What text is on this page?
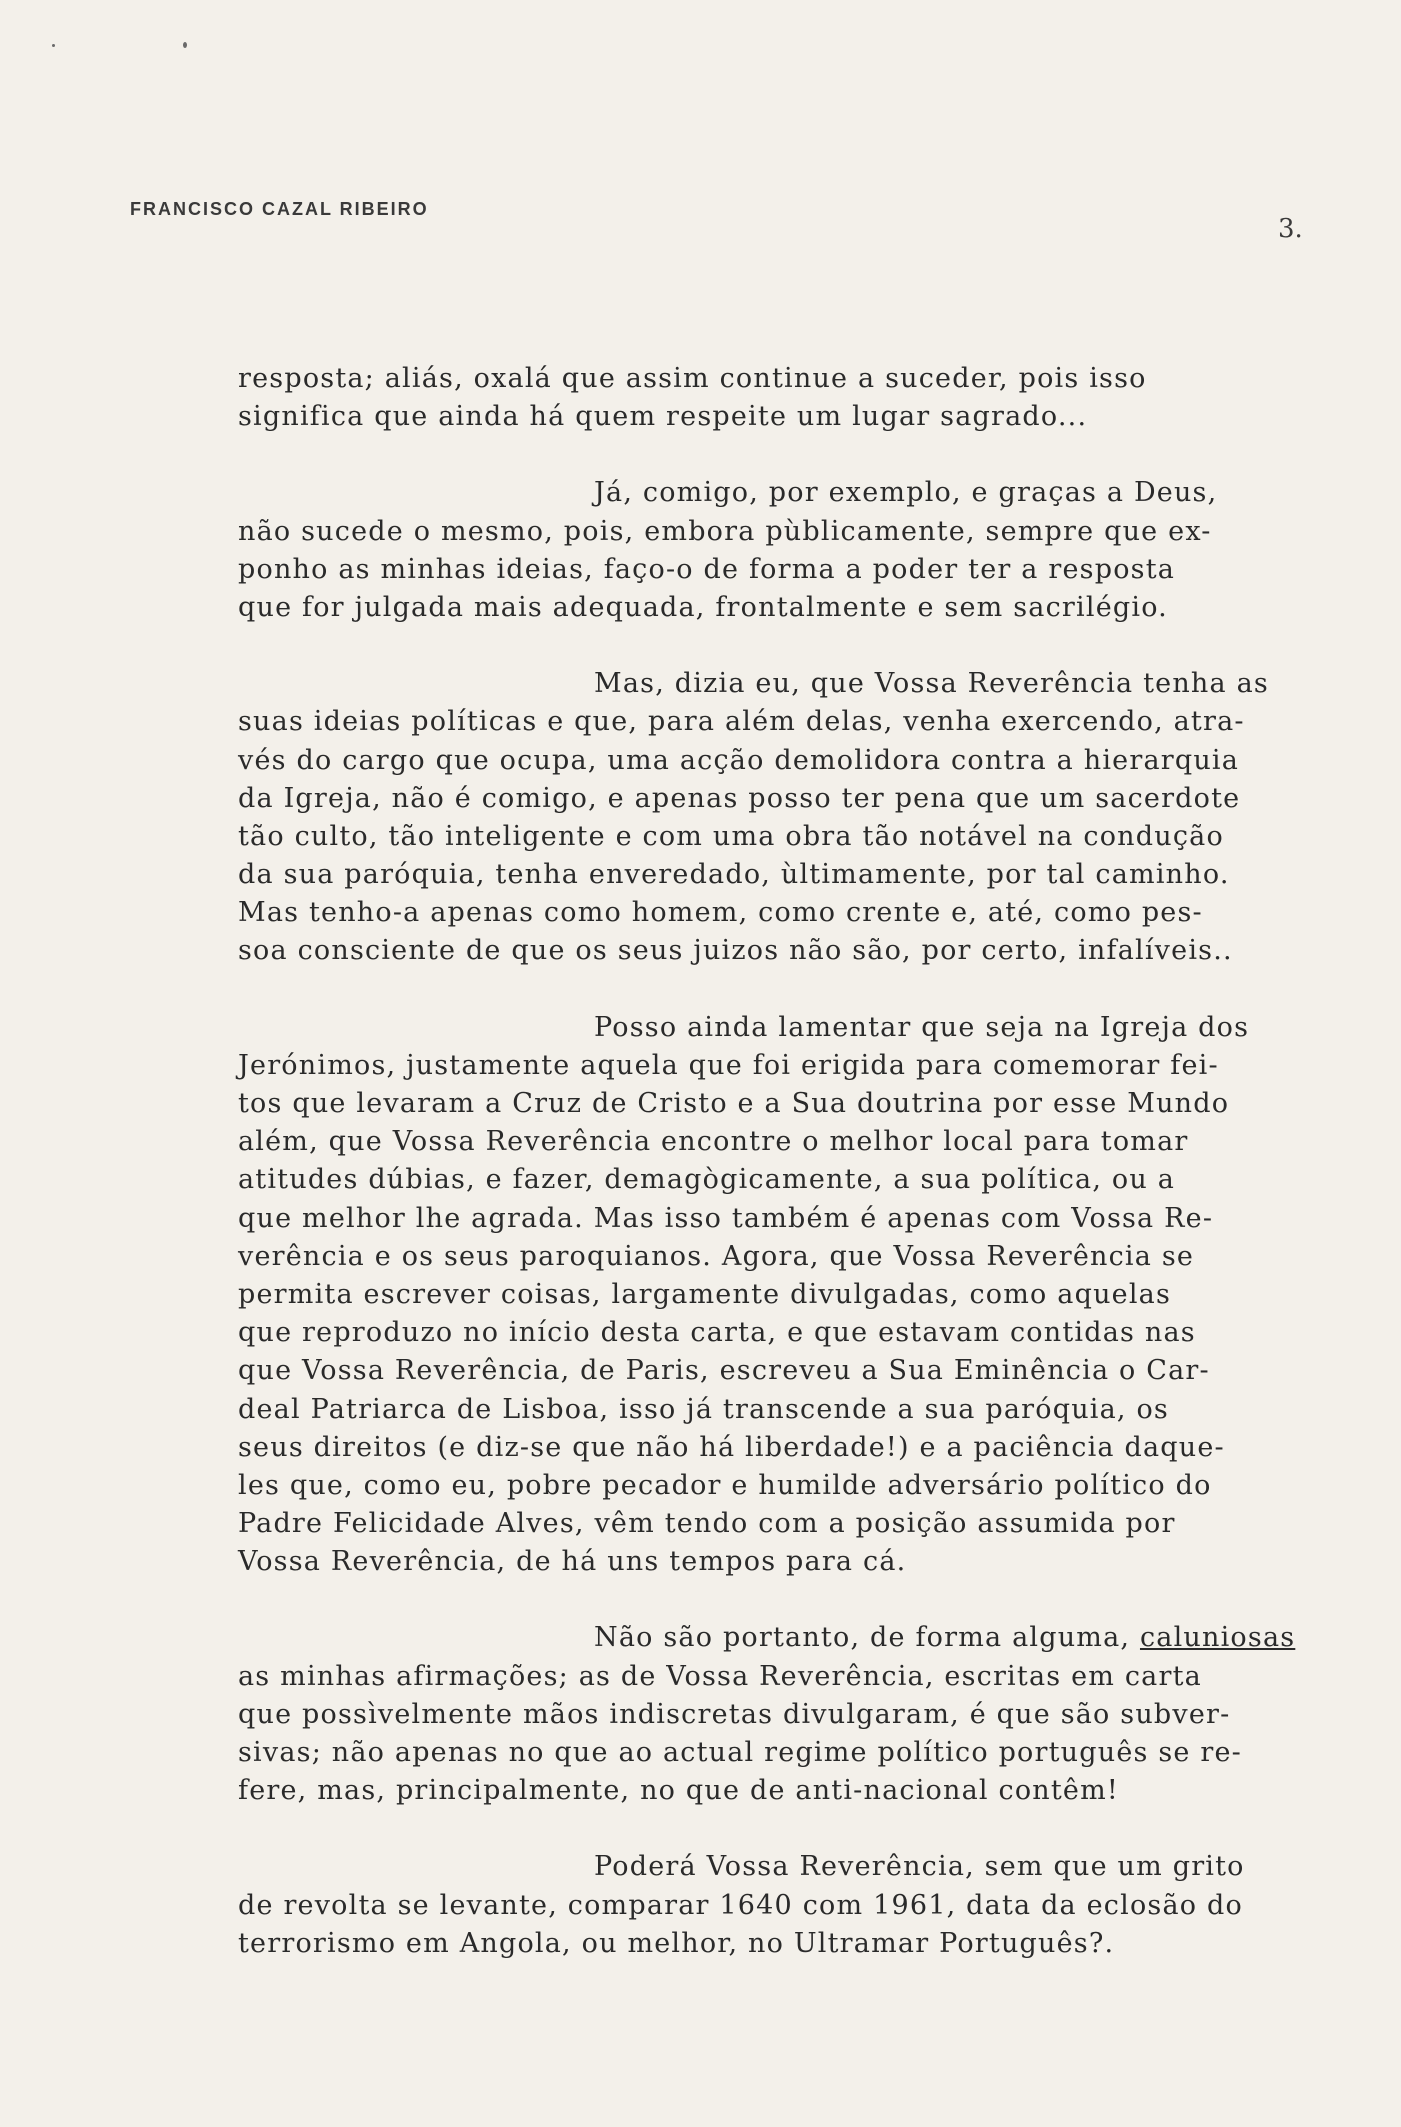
FRANCISCO CAZAL RIBEIRO
3.
resposta; aliás, oxalá que assim continue a suceder, pois isso
significa que ainda há quem respeite um lugar sagrado...
Já, comigo, por exemplo, e graças a Deus,
não sucede o mesmo, pois, embora pùblicamente, sempre que ex-
ponho as minhas ideias, faço-o de forma a poder ter a resposta
que for julgada mais adequada, frontalmente e sem sacrilégio.
Mas, dizia eu, que Vossa Reverência tenha as
suas ideias políticas e que, para além delas, venha exercendo, atra-
vés do cargo que ocupa, uma acção demolidora contra a hierarquia
da Igreja, não é comigo, e apenas posso ter pena que um sacerdote
tão culto, tão inteligente e com uma obra tão notável na condução
da sua paróquia, tenha enveredado, ùltimamente, por tal caminho.
Mas tenho-a apenas como homem, como crente e, até, como pes-
soa consciente de que os seus juizos não são, por certo, infalíveis..
Posso ainda lamentar que seja na Igreja dos
Jerónimos, justamente aquela que foi erigida para comemorar fei-
tos que levaram a Cruz de Cristo e a Sua doutrina por esse Mundo
além, que Vossa Reverência encontre o melhor local para tomar
atitudes dúbias, e fazer, demagògicamente, a sua política, ou a
que melhor lhe agrada. Mas isso também é apenas com Vossa Re-
verência e os seus paroquianos. Agora, que Vossa Reverência se
permita escrever coisas, largamente divulgadas, como aquelas
que reproduzo no início desta carta, e que estavam contidas nas
que Vossa Reverência, de Paris, escreveu a Sua Eminência o Car-
deal Patriarca de Lisboa, isso já transcende a sua paróquia, os
seus direitos (e diz-se que não há liberdade!) e a paciência daque-
les que, como eu, pobre pecador e humilde adversário político do
Padre Felicidade Alves, vêm tendo com a posição assumida por
Vossa Reverência, de há uns tempos para cá.
Não são portanto, de forma alguma, caluniosas
as minhas afirmações; as de Vossa Reverência, escritas em carta
que possìvelmente mãos indiscretas divulgaram, é que são subver-
sivas; não apenas no que ao actual regime político português se re-
fere, mas, principalmente, no que de anti-nacional contêm!
Poderá Vossa Reverência, sem que um grito
de revolta se levante, comparar 1640 com 1961, data da eclosão do
terrorismo em Angola, ou melhor, no Ultramar Português?.
